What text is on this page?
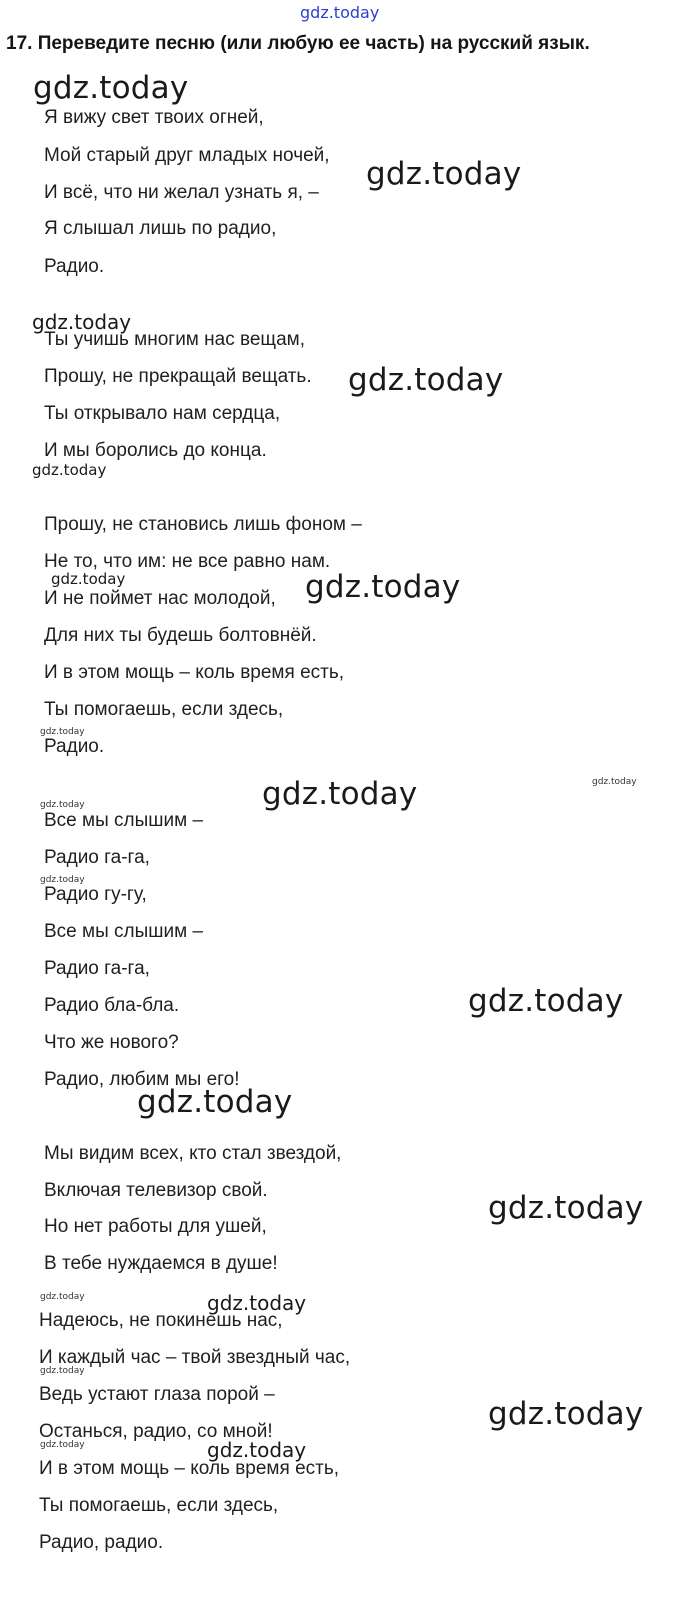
gdz.today
17. Переведите песню (или любую ее часть) на русский язык.
Я вижу свет твоих огней,
Мой старый друг младых ночей,
И всё, что ни желал узнать я, –
Я слышал лишь по радио,
Радио.
Ты учишь многим нас вещам,
Прошу, не прекращай вещать.
Ты открывало нам сердца,
И мы боролись до конца.
Прошу, не становись лишь фоном –
Не то, что им: не все равно нам.
И не поймет нас молодой,
Для них ты будешь болтовнёй.
И в этом мощь – коль время есть,
Ты помогаешь, если здесь,
Радио.
Все мы слышим –
Радио га-га,
Радио гу-гу,
Все мы слышим –
Радио га-га,
Радио бла-бла.
Что же нового?
Радио, любим мы его!
Мы видим всех, кто стал звездой,
Включая телевизор свой.
Но нет работы для ушей,
В тебе нуждаемся в душе!
Надеюсь, не покинешь нас,
И каждый час – твой звездный час,
Ведь устают глаза порой –
Останься, радио, со мной!
И в этом мощь – коль время есть,
Ты помогаешь, если здесь,
Радио, радио.
gdz.today
gdz.today
gdz.today
gdz.today
gdz.today
gdz.today	gdz.today
gdz.today
gdz.today
gdz.today
gdz.today
gdz.today
gdz.today
gdz.today
gdz.today
gdz.today	gdz.today
gdz.today
gdz.today
gdz.today	gdz.today
